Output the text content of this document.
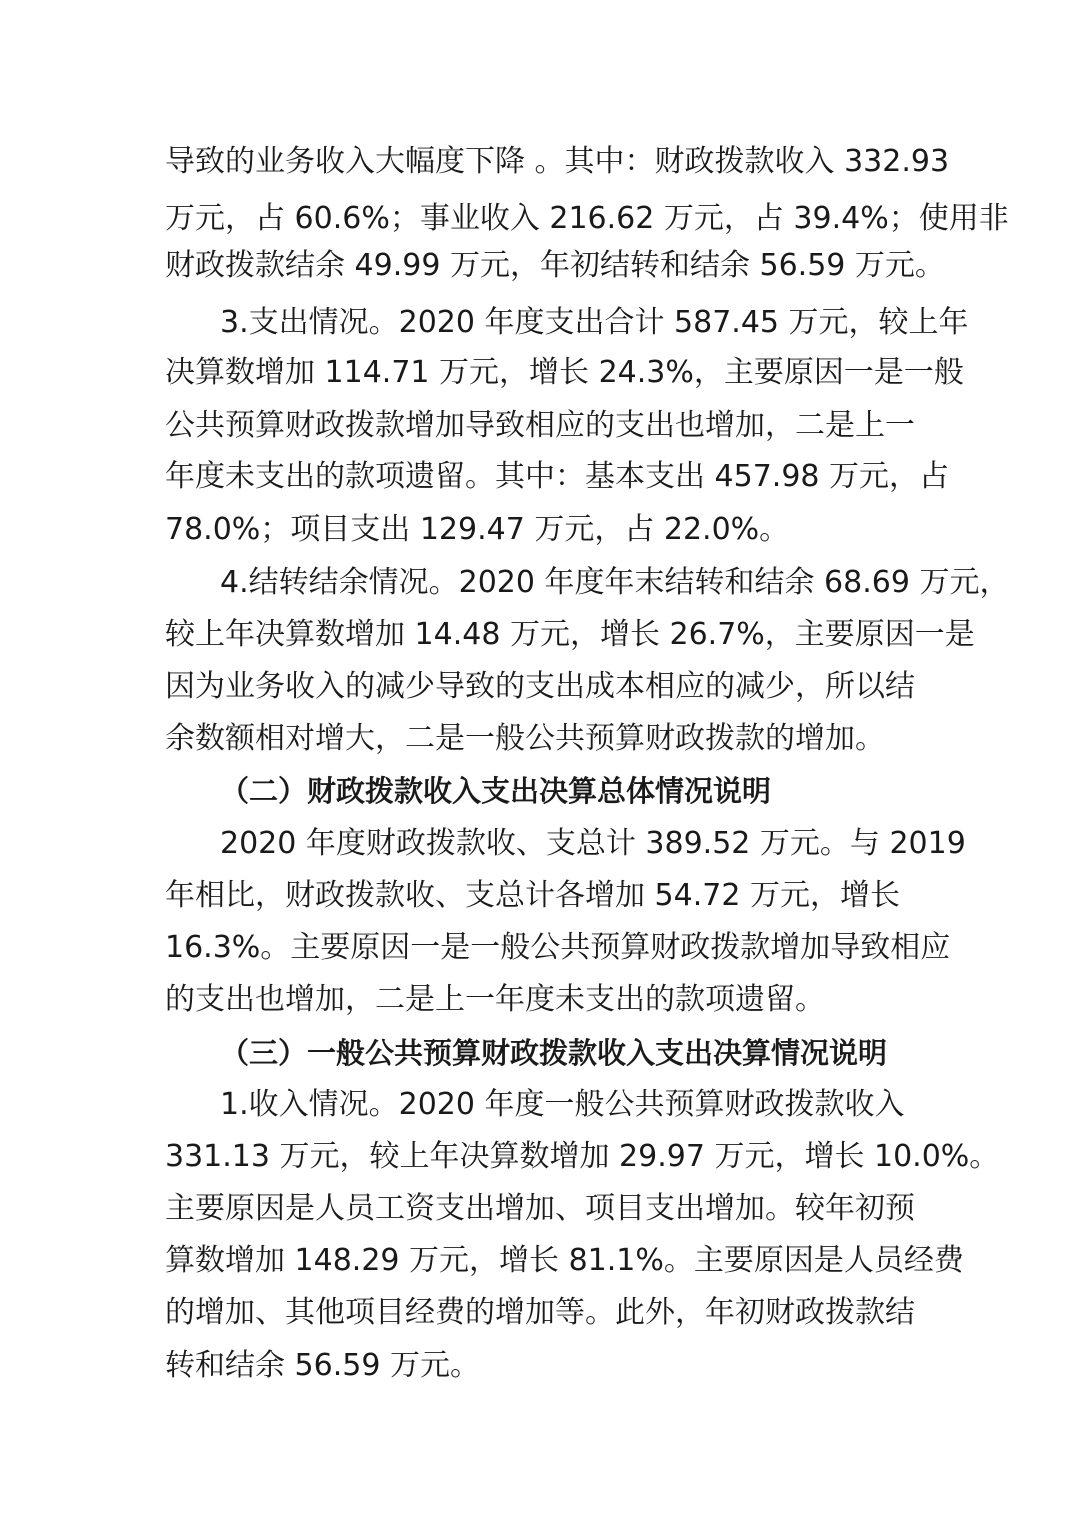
导致的业务收入大幅度下降 。其中：财政拨款收入 332.93
万元，占 60.6%；事业收入 216.62 万元，占 39.4%；使用非
财政拨款结余 49.99 万元，年初结转和结余 56.59 万元。
3.支出情况。2020 年度支出合计 587.45 万元，较上年
决算数增加 114.71 万元，增长 24.3%，主要原因一是一般
公共预算财政拨款增加导致相应的支出也增加，二是上一
年度未支出的款项遗留。其中：基本支出 457.98 万元，占
78.0%；项目支出 129.47 万元，占 22.0%。
4.结转结余情况。2020 年度年末结转和结余 68.69 万元，
较上年决算数增加 14.48 万元，增长 26.7%，主要原因一是
因为业务收入的减少导致的支出成本相应的减少，所以结
余数额相对增大，二是一般公共预算财政拨款的增加。
（二）财政拨款收入支出决算总体情况说明
2020 年度财政拨款收、支总计 389.52 万元。与 2019
年相比，财政拨款收、支总计各增加 54.72 万元，增长
16.3%。主要原因一是一般公共预算财政拨款增加导致相应
的支出也增加，二是上一年度未支出的款项遗留。
（三）一般公共预算财政拨款收入支出决算情况说明
1.收入情况。2020 年度一般公共预算财政拨款收入
331.13 万元，较上年决算数增加 29.97 万元，增长 10.0%。
主要原因是人员工资支出增加、项目支出增加。较年初预
算数增加 148.29 万元，增长 81.1%。主要原因是人员经费
的增加、其他项目经费的增加等。此外，年初财政拨款结
转和结余 56.59 万元。
